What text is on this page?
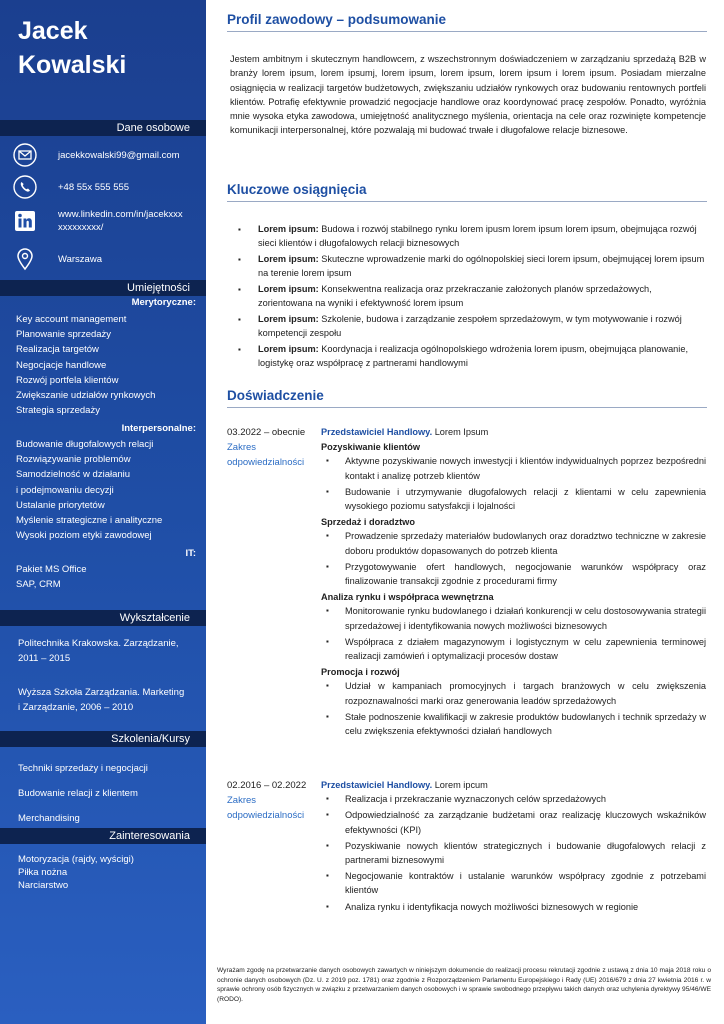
Jacek
Kowalski
Dane osobowe
jacekkowalski99@gmail.com
+48 55x 555 555
www.linkedin.com/in/jacekxxx
xxxxxxxxx/
Warszawa
Umiejętności
Merytoryczne:
Key account management
Planowanie sprzedaży
Realizacja targetów
Negocjacje handlowe
Rozwój portfela klientów
Zwiększanie udziałów rynkowych
Strategia sprzedaży
Interpersonalne:
Budowanie długofalowych relacji
Rozwiązywanie problemów
Samodzielność w działaniu
i podejmowaniu decyzji
Ustalanie priorytetów
Myślenie strategiczne i analityczne
Wysoki poziom etyki zawodowej
IT:
Pakiet MS Office
SAP, CRM
Wykształcenie
Politechnika Krakowska. Zarządzanie,
2011 – 2015
Wyższa Szkoła Zarządzania. Marketing
i Zarządzanie, 2006 – 2010
Szkolenia/Kursy
Techniki sprzedaży i negocjacji
Budowanie relacji z klientem
Merchandising
Zainteresowania
Motoryzacja (rajdy, wyścigi)
Piłka nożna
Narciarstwo
Profil zawodowy – podsumowanie
Jestem ambitnym i skutecznym handlowcem, z wszechstronnym doświadczeniem w zarządzaniu sprzedażą B2B w branży lorem ipsum, lorem ipsumj, lorem ipsum, lorem ipsum, lorem ipsum i lorem ipsum. Posiadam mierzalne osiągnięcia w realizacji targetów budżetowych, zwiększaniu udziałów rynkowych oraz budowaniu rentownych portfeli klientów. Potrafię efektywnie prowadzić negocjacje handlowe oraz koordynować pracę zespołów. Ponadto, wyróżnia mnie wysoka etyka zawodowa, umiejętność analitycznego myślenia, orientacja na cele oraz rozwinięte kompetencje komunikacji interpersonalnej, które pozwalają mi budować trwałe i długofalowe relacje biznesowe.
Kluczowe osiągnięcia
▪ Lorem ipsum: Budowa i rozwój stabilnego rynku lorem ipusm lorem ipsum lorem ipsum, obejmująca rozwój sieci klientów i długofalowych relacji biznesowych
▪ Lorem ipsum: Skuteczne wprowadzenie marki do ogólnopolskiej sieci lorem ipsum, obejmującej lorem ipsum na terenie lorem ipsum
▪ Lorem ipsum: Konsekwentna realizacja oraz przekraczanie założonych planów sprzedażowych, zorientowana na wyniki i efektywność lorem ipsum
▪ Lorem ipsum: Szkolenie, budowa i zarządzanie zespołem sprzedażowym, w tym motywowanie i rozwój kompetencji zespołu
▪ Lorem ipsum: Koordynacja i realizacja ogólnopolskiego wdrożenia lorem ipusm, obejmująca planowanie, logistykę oraz współpracę z partnerami handlowymi
Doświadczenie
03.2022 – obecnie
Zakres
odpowiedzialności
Przedstawiciel Handlowy. Lorem Ipsum
Pozyskiwanie klientów
▪ Aktywne pozyskiwanie nowych inwestycji i klientów indywidualnych poprzez bezpośredni kontakt i analizę potrzeb klientów
▪ Budowanie i utrzymywanie długofalowych relacji z klientami w celu zapewnienia wysokiego poziomu satysfakcji i lojalności
Sprzedaż i doradztwo
▪ Prowadzenie sprzedaży materiałów budowlanych oraz doradztwo techniczne w zakresie doboru produktów dopasowanych do potrzeb klienta
▪ Przygotowywanie ofert handlowych, negocjowanie warunków współpracy oraz finalizowanie transakcji zgodnie z procedurami firmy
Analiza rynku i współpraca wewnętrzna
▪ Monitorowanie rynku budowlanego i działań konkurencji w celu dostosowywania strategii sprzedażowej i identyfikowania nowych możliwości biznesowych
▪ Współpraca z działem magazynowym i logistycznym w celu zapewnienia terminowej realizacji zamówień i optymalizacji procesów dostaw
Promocja i rozwój
▪ Udział w kampaniach promocyjnych i targach branżowych w celu zwiększenia rozpoznawalności marki oraz generowania leadów sprzedażowych
▪ Stałe podnoszenie kwalifikacji w zakresie produktów budowlanych i technik sprzedaży w celu zwiększenia efektywności działań handlowych
02.2016 – 02.2022
Zakres
odpowiedzialności
Przedstawiciel Handlowy. Lorem ipcum
▪ Realizacja i przekraczanie wyznaczonych celów sprzedażowych
▪ Odpowiedzialność za zarządzanie budżetami oraz realizację kluczowych wskaźników efektywności (KPI)
▪ Pozyskiwanie nowych klientów strategicznych i budowanie długofalowych relacji z partnerami biznesowymi
▪ Negocjowanie kontraktów i ustalanie warunków współpracy zgodnie z potrzebami klientów
▪ Analiza rynku i identyfikacja nowych możliwości biznesowych w regionie
Wyrażam zgodę na przetwarzanie danych osobowych zawartych w niniejszym dokumencie do realizacji procesu rekrutacji zgodnie z ustawą z dnia 10 maja 2018 roku o ochronie danych osobowych (Dz. U. z 2019 poz. 1781) oraz zgodnie z Rozporządzeniem Parlamentu Europejskiego i Rady (UE) 2016/679 z dnia 27 kwietnia 2016 r. w sprawie ochrony osób fizycznych w związku z przetwarzaniem danych osobowych i w sprawie swobodnego przepływu takich danych oraz uchylenia dyrektywy 95/46/WE (RODO).
